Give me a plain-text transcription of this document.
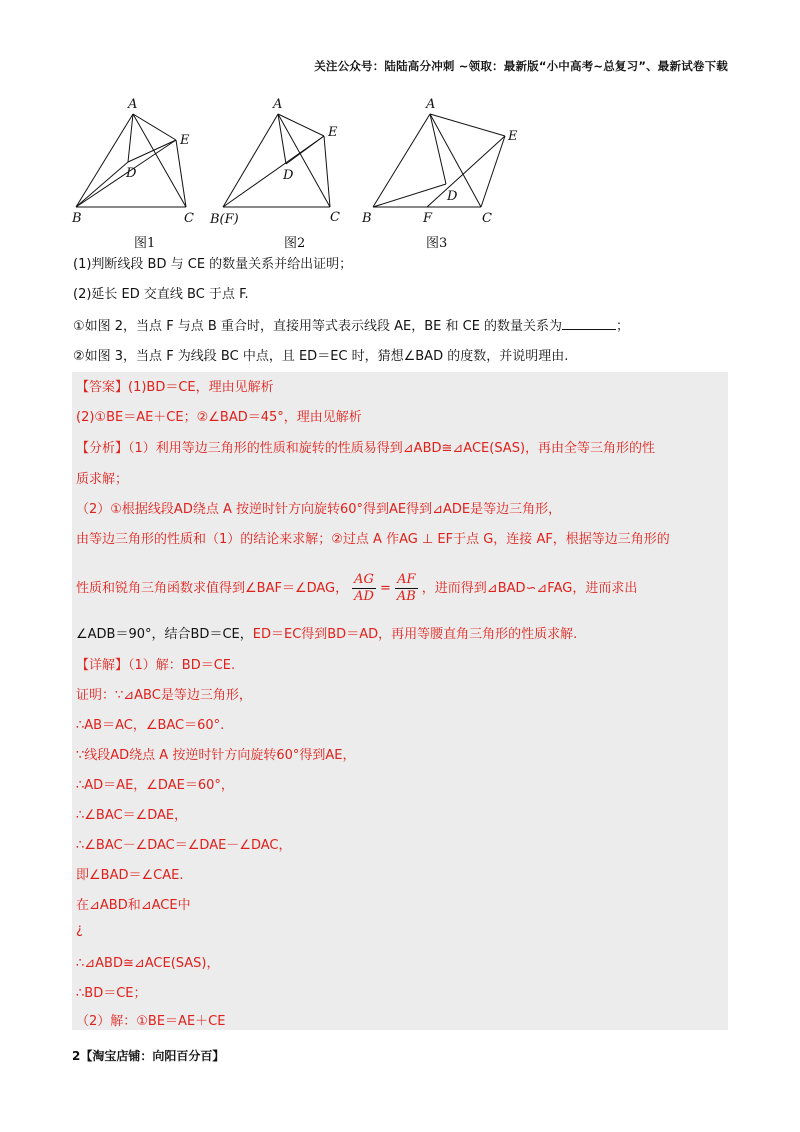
关注公众号：陆陆高分冲刺 ~领取：最新版“小中高考~总复习”、最新试卷下载
A
E
D
B	C
A
E
D
B(F)	C
A
E
D
B	F	C
图1	图2	图3
(1)判断线段 BD 与 CE 的数量关系并给出证明；
(2)延长 ED 交直线 BC 于点 F.
①如图 2，当点 F 与点 B 重合时，直接用等式表示线段 AE，BE 和 CE 的数量关系为	；
②如图 3，当点 F 为线段 BC 中点，且 ED＝EC 时，猜想∠BAD 的度数，并说明理由.
【答案】(1)BD＝CE，理由见解析
(2)①BE＝AE＋CE；②∠BAD＝45°，理由见解析
【分析】（1）利用等边三角形的性质和旋转的性质易得到⊿ABD≅⊿ACE(SAS)，再由全等三角形的性
质求解；
（2）①根据线段AD绕点 A 按逆时针方向旋转60°得到AE得到⊿ADE是等边三角形，
由等边三角形的性质和（1）的结论来求解；②过点 A 作AG ⊥ EF于点 G，连接 AF，根据等边三角形的
性质和锐角三角函数求值得到∠BAF＝∠DAG， $\frac{AG}{AD} = \frac{AF}{AB}$ ，进而得到⊿BAD∽⊿FAG，进而求出
∠ADB＝90°，结合BD＝CE，ED＝EC得到BD＝AD，再用等腰直角三角形的性质求解.
【详解】（1）解：BD＝CE.
证明：∵⊿ABC是等边三角形，
∴AB＝AC，∠BAC＝60°.
∵线段AD绕点 A 按逆时针方向旋转60°得到AE，
∴AD＝AE，∠DAE＝60°，
∴∠BAC＝∠DAE，
∴∠BAC－∠DAC＝∠DAE－∠DAC，
即∠BAD＝∠CAE.
在⊿ABD和⊿ACE中
¿
∴⊿ABD≅⊿ACE(SAS)，
∴BD＝CE；
（2）解：①BE＝AE＋CE
2【淘宝店铺：向阳百分百】
